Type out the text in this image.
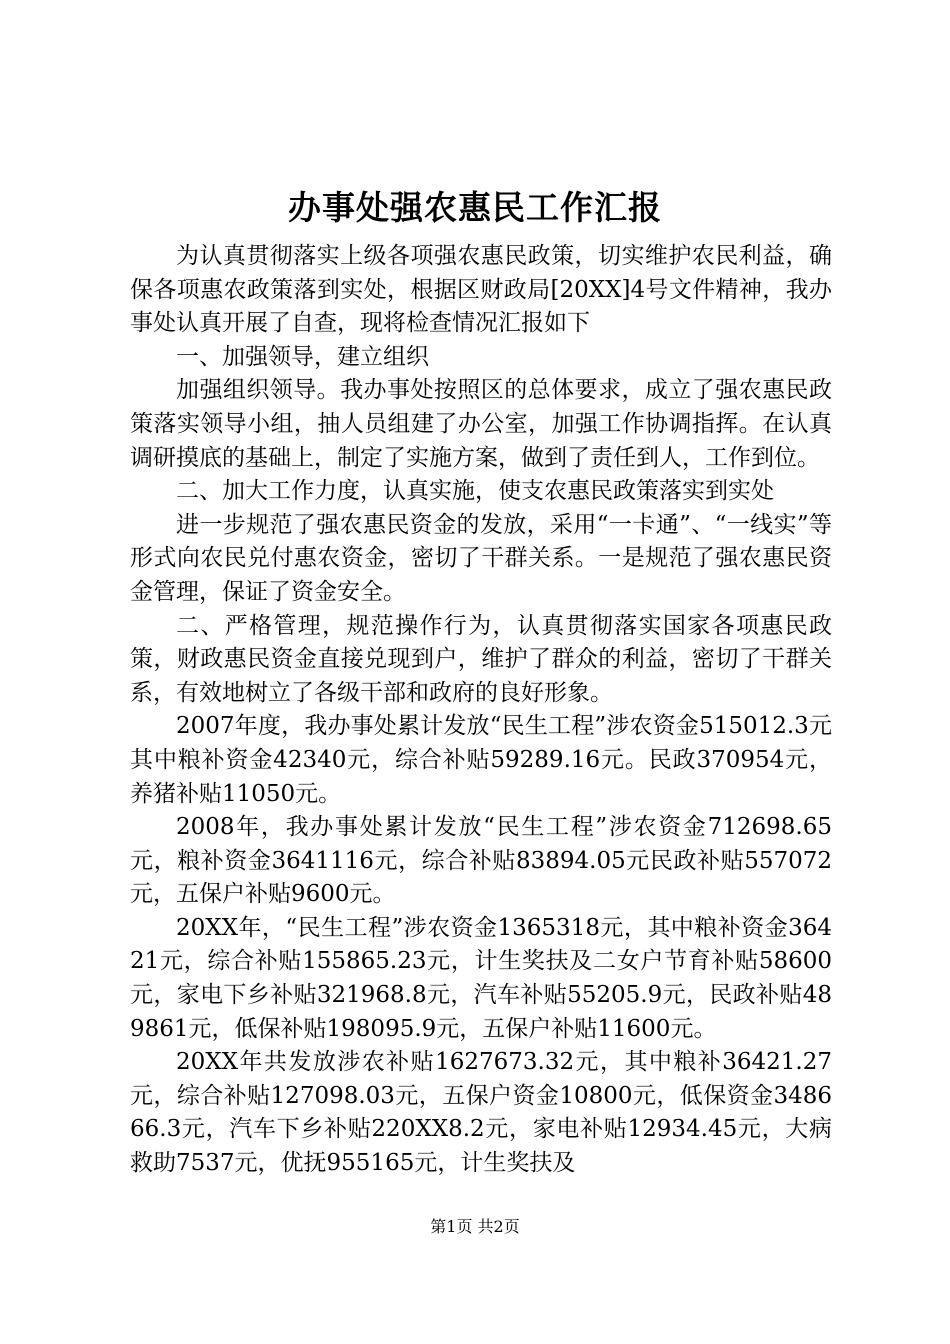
办事处强农惠民工作汇报

为认真贯彻落实上级各项强农惠民政策，切实维护农民利益，确保各项惠农政策落到实处，根据区财政局[20XX]4号文件精神，我办事处认真开展了自查，现将检查情况汇报如下

一、加强领导，建立组织

加强组织领导。我办事处按照区的总体要求，成立了强农惠民政策落实领导小组，抽人员组建了办公室，加强工作协调指挥。在认真调研摸底的基础上，制定了实施方案，做到了责任到人，工作到位。

二、加大工作力度，认真实施，使支农惠民政策落实到实处

进一步规范了强农惠民资金的发放，采用“一卡通”、“一线实”等形式向农民兑付惠农资金，密切了干群关系。一是规范了强农惠民资金管理，保证了资金安全。

二、严格管理，规范操作行为，认真贯彻落实国家各项惠民政策，财政惠民资金直接兑现到户，维护了群众的利益，密切了干群关系，有效地树立了各级干部和政府的良好形象。

2007年度，我办事处累计发放“民生工程”涉农资金515012.3元其中粮补资金42340元，综合补贴59289.16元。民政370954元，养猪补贴11050元。

2008年，我办事处累计发放“民生工程”涉农资金712698.65元，粮补资金3641116元，综合补贴83894.05元民政补贴557072元，五保户补贴9600元。

20XX年，“民生工程”涉农资金1365318元，其中粮补资金36421元，综合补贴155865.23元，计生奖扶及二女户节育补贴58600元，家电下乡补贴321968.8元，汽车补贴55205.9元，民政补贴489861元，低保补贴198095.9元，五保户补贴11600元。

20XX年共发放涉农补贴1627673.32元，其中粮补36421.27元，综合补贴127098.03元，五保户资金10800元，低保资金348666.3元，汽车下乡补贴220XX8.2元，家电补贴12934.45元，大病救助7537元，优抚955165元，计生奖扶及

第1页 共2页
